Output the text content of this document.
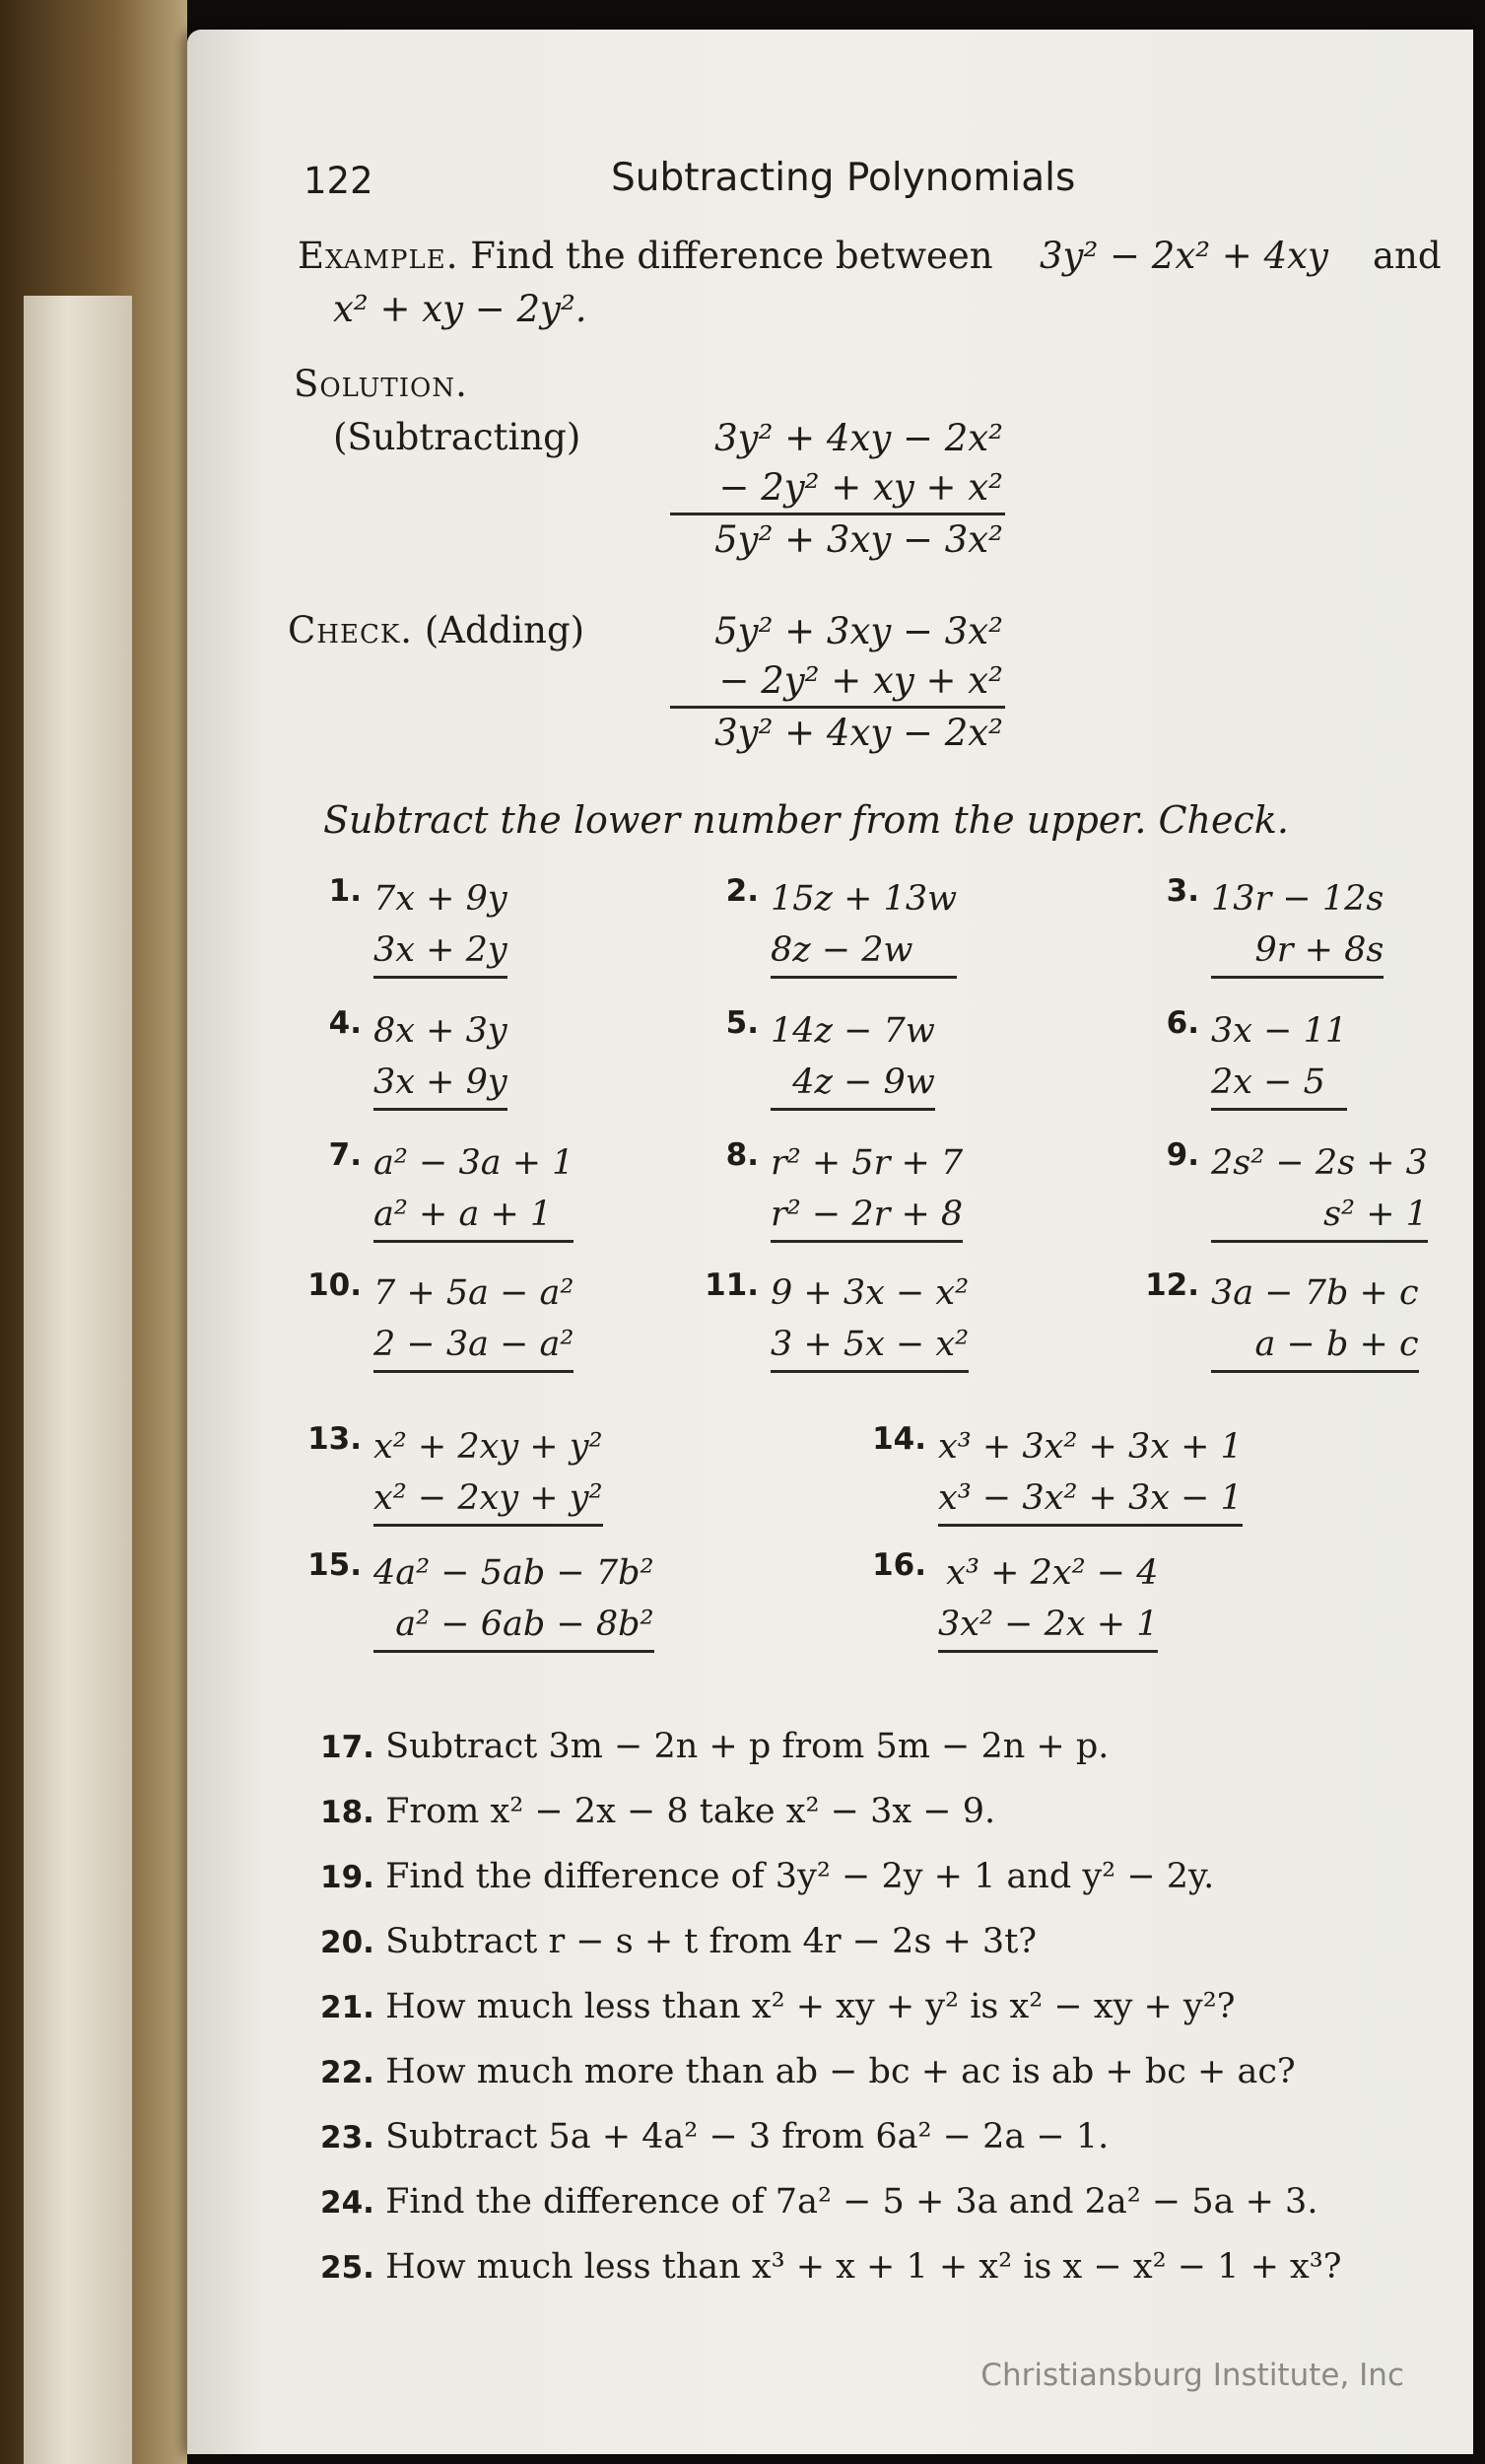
122	Subtracting Polynomials
Example. Find the difference between 3y² − 2x² + 4xy and
x² + xy − 2y².
Solution.
(Subtracting)	3y² + 4xy − 2x²
− 2y² + xy + x²
5y² + 3xy − 3x²
Check. (Adding)	5y² + 3xy − 3x²
− 2y² + xy + x²
3y² + 4xy − 2x²
Subtract the lower number from the upper. Check.
1. 7x + 9y
3x + 2y
2. 15z + 13w
8z − 2w
3. 13r − 12s
9r + 8s
4. 8x + 3y
3x + 9y
5. 14z − 7w
4z − 9w
6. 3x − 11
2x − 5
7. a² − 3a + 1
a² + a + 1
8. r² + 5r + 7
r² − 2r + 8
9. 2s² − 2s + 3
s² + 1
10. 7 + 5a − a²
2 − 3a − a²
11. 9 + 3x − x²
3 + 5x − x²
12. 3a − 7b + c
a − b + c
13. x² + 2xy + y²
x² − 2xy + y²
14. x³ + 3x² + 3x + 1
x³ − 3x² + 3x − 1
15. 4a² − 5ab − 7b²
a² − 6ab − 8b²
16. x³ + 2x² − 4
3x² − 2x + 1
17. Subtract 3m − 2n + p from 5m − 2n + p.
18. From x² − 2x − 8 take x² − 3x − 9.
19. Find the difference of 3y² − 2y + 1 and y² − 2y.
20. Subtract r − s + t from 4r − 2s + 3t?
21. How much less than x² + xy + y² is x² − xy + y²?
22. How much more than ab − bc + ac is ab + bc + ac?
23. Subtract 5a + 4a² − 3 from 6a² − 2a − 1.
24. Find the difference of 7a² − 5 + 3a and 2a² − 5a + 3.
25. How much less than x³ + x + 1 + x² is x − x² − 1 + x³?
Christiansburg Institute, Inc
